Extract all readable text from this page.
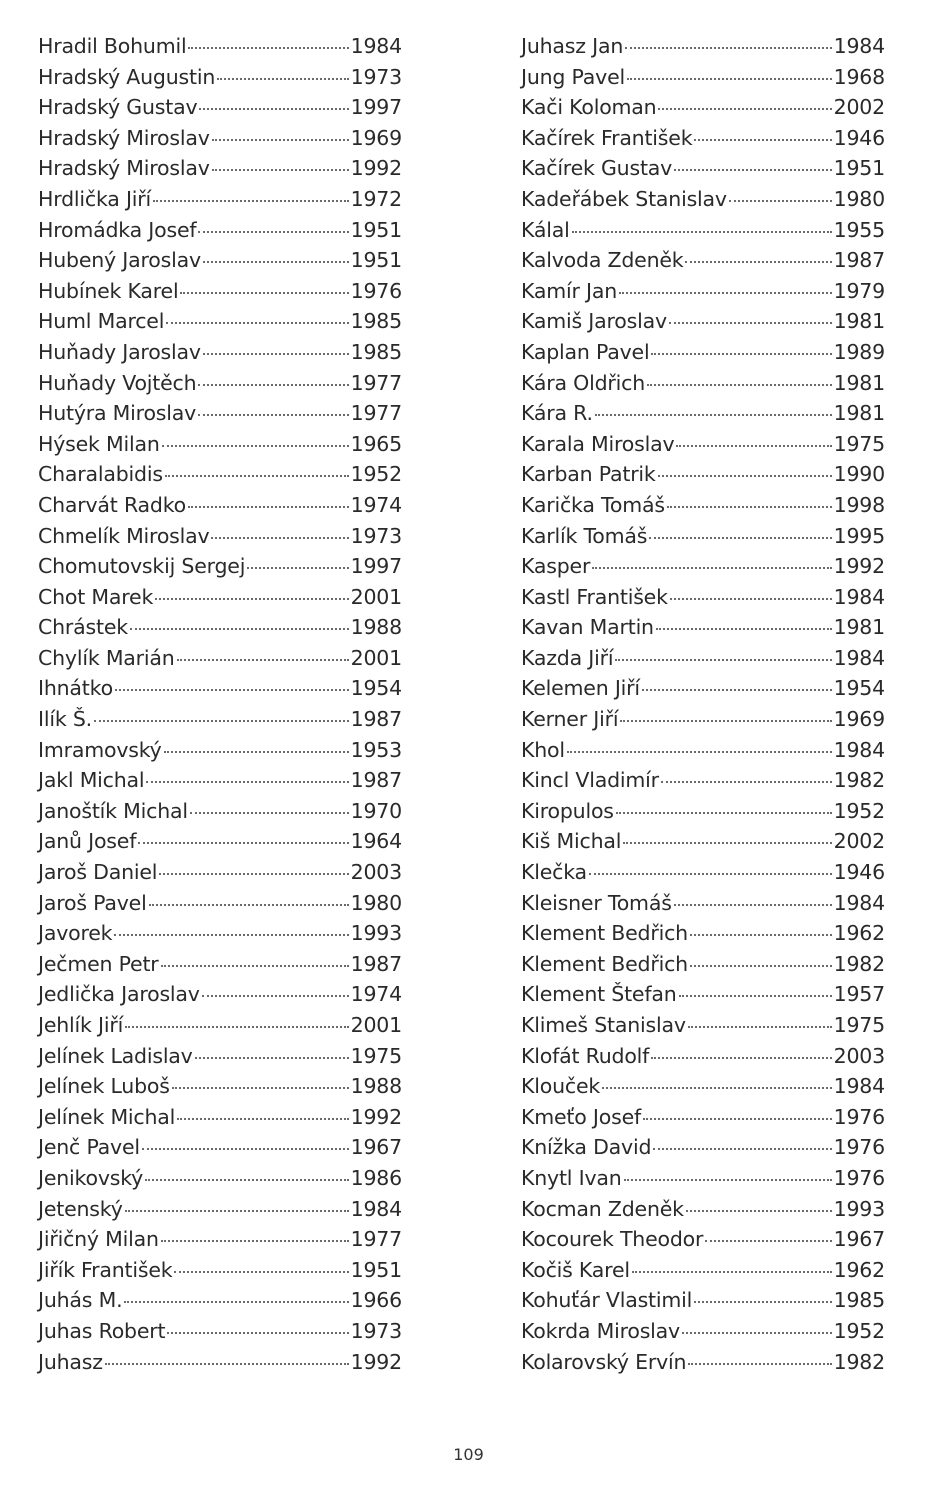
Hradil Bohumil	1984
Hradský Augustin	1973
Hradský Gustav	1997
Hradský Miroslav	1969
Hradský Miroslav	1992
Hrdlička Jiří	1972
Hromádka Josef	1951
Hubený Jaroslav	1951
Hubínek Karel	1976
Huml Marcel	1985
Huňady Jaroslav	1985
Huňady Vojtěch	1977
Hutýra Miroslav	1977
Hýsek Milan	1965
Charalabidis	1952
Charvát Radko	1974
Chmelík Miroslav	1973
Chomutovskij Sergej	1997
Chot Marek	2001
Chrástek	1988
Chylík Marián	2001
Ihnátko	1954
Ilík Š.	1987
Imramovský	1953
Jakl Michal	1987
Janoštík Michal	1970
Janů Josef	1964
Jaroš Daniel	2003
Jaroš Pavel	1980
Javorek	1993
Ječmen Petr	1987
Jedlička Jaroslav	1974
Jehlík Jiří	2001
Jelínek Ladislav	1975
Jelínek Luboš	1988
Jelínek Michal	1992
Jenč Pavel	1967
Jenikovský	1986
Jetenský	1984
Jiřičný Milan	1977
Jiřík František	1951
Juhás M.	1966
Juhas Robert	1973
Juhasz	1992
Juhasz Jan	1984
Jung Pavel	1968
Kači Koloman	2002
Kačírek František	1946
Kačírek Gustav	1951
Kadeřábek Stanislav	1980
Kálal	1955
Kalvoda Zdeněk	1987
Kamír Jan	1979
Kamiš Jaroslav	1981
Kaplan Pavel	1989
Kára Oldřich	1981
Kára R.	1981
Karala Miroslav	1975
Karban Patrik	1990
Karička Tomáš	1998
Karlík Tomáš	1995
Kasper	1992
Kastl František	1984
Kavan Martin	1981
Kazda Jiří	1984
Kelemen Jiří	1954
Kerner Jiří	1969
Khol	1984
Kincl Vladimír	1982
Kiropulos	1952
Kiš Michal	2002
Klečka	1946
Kleisner Tomáš	1984
Klement Bedřich	1962
Klement Bedřich	1982
Klement Štefan	1957
Klimeš Stanislav	1975
Klofát Rudolf	2003
Klouček	1984
Kmeťo Josef	1976
Knížka David	1976
Knytl Ivan	1976
Kocman Zdeněk	1993
Kocourek Theodor	1967
Kočiš Karel	1962
Kohuťár Vlastimil	1985
Kokrda Miroslav	1952
Kolarovský Ervín	1982
109
